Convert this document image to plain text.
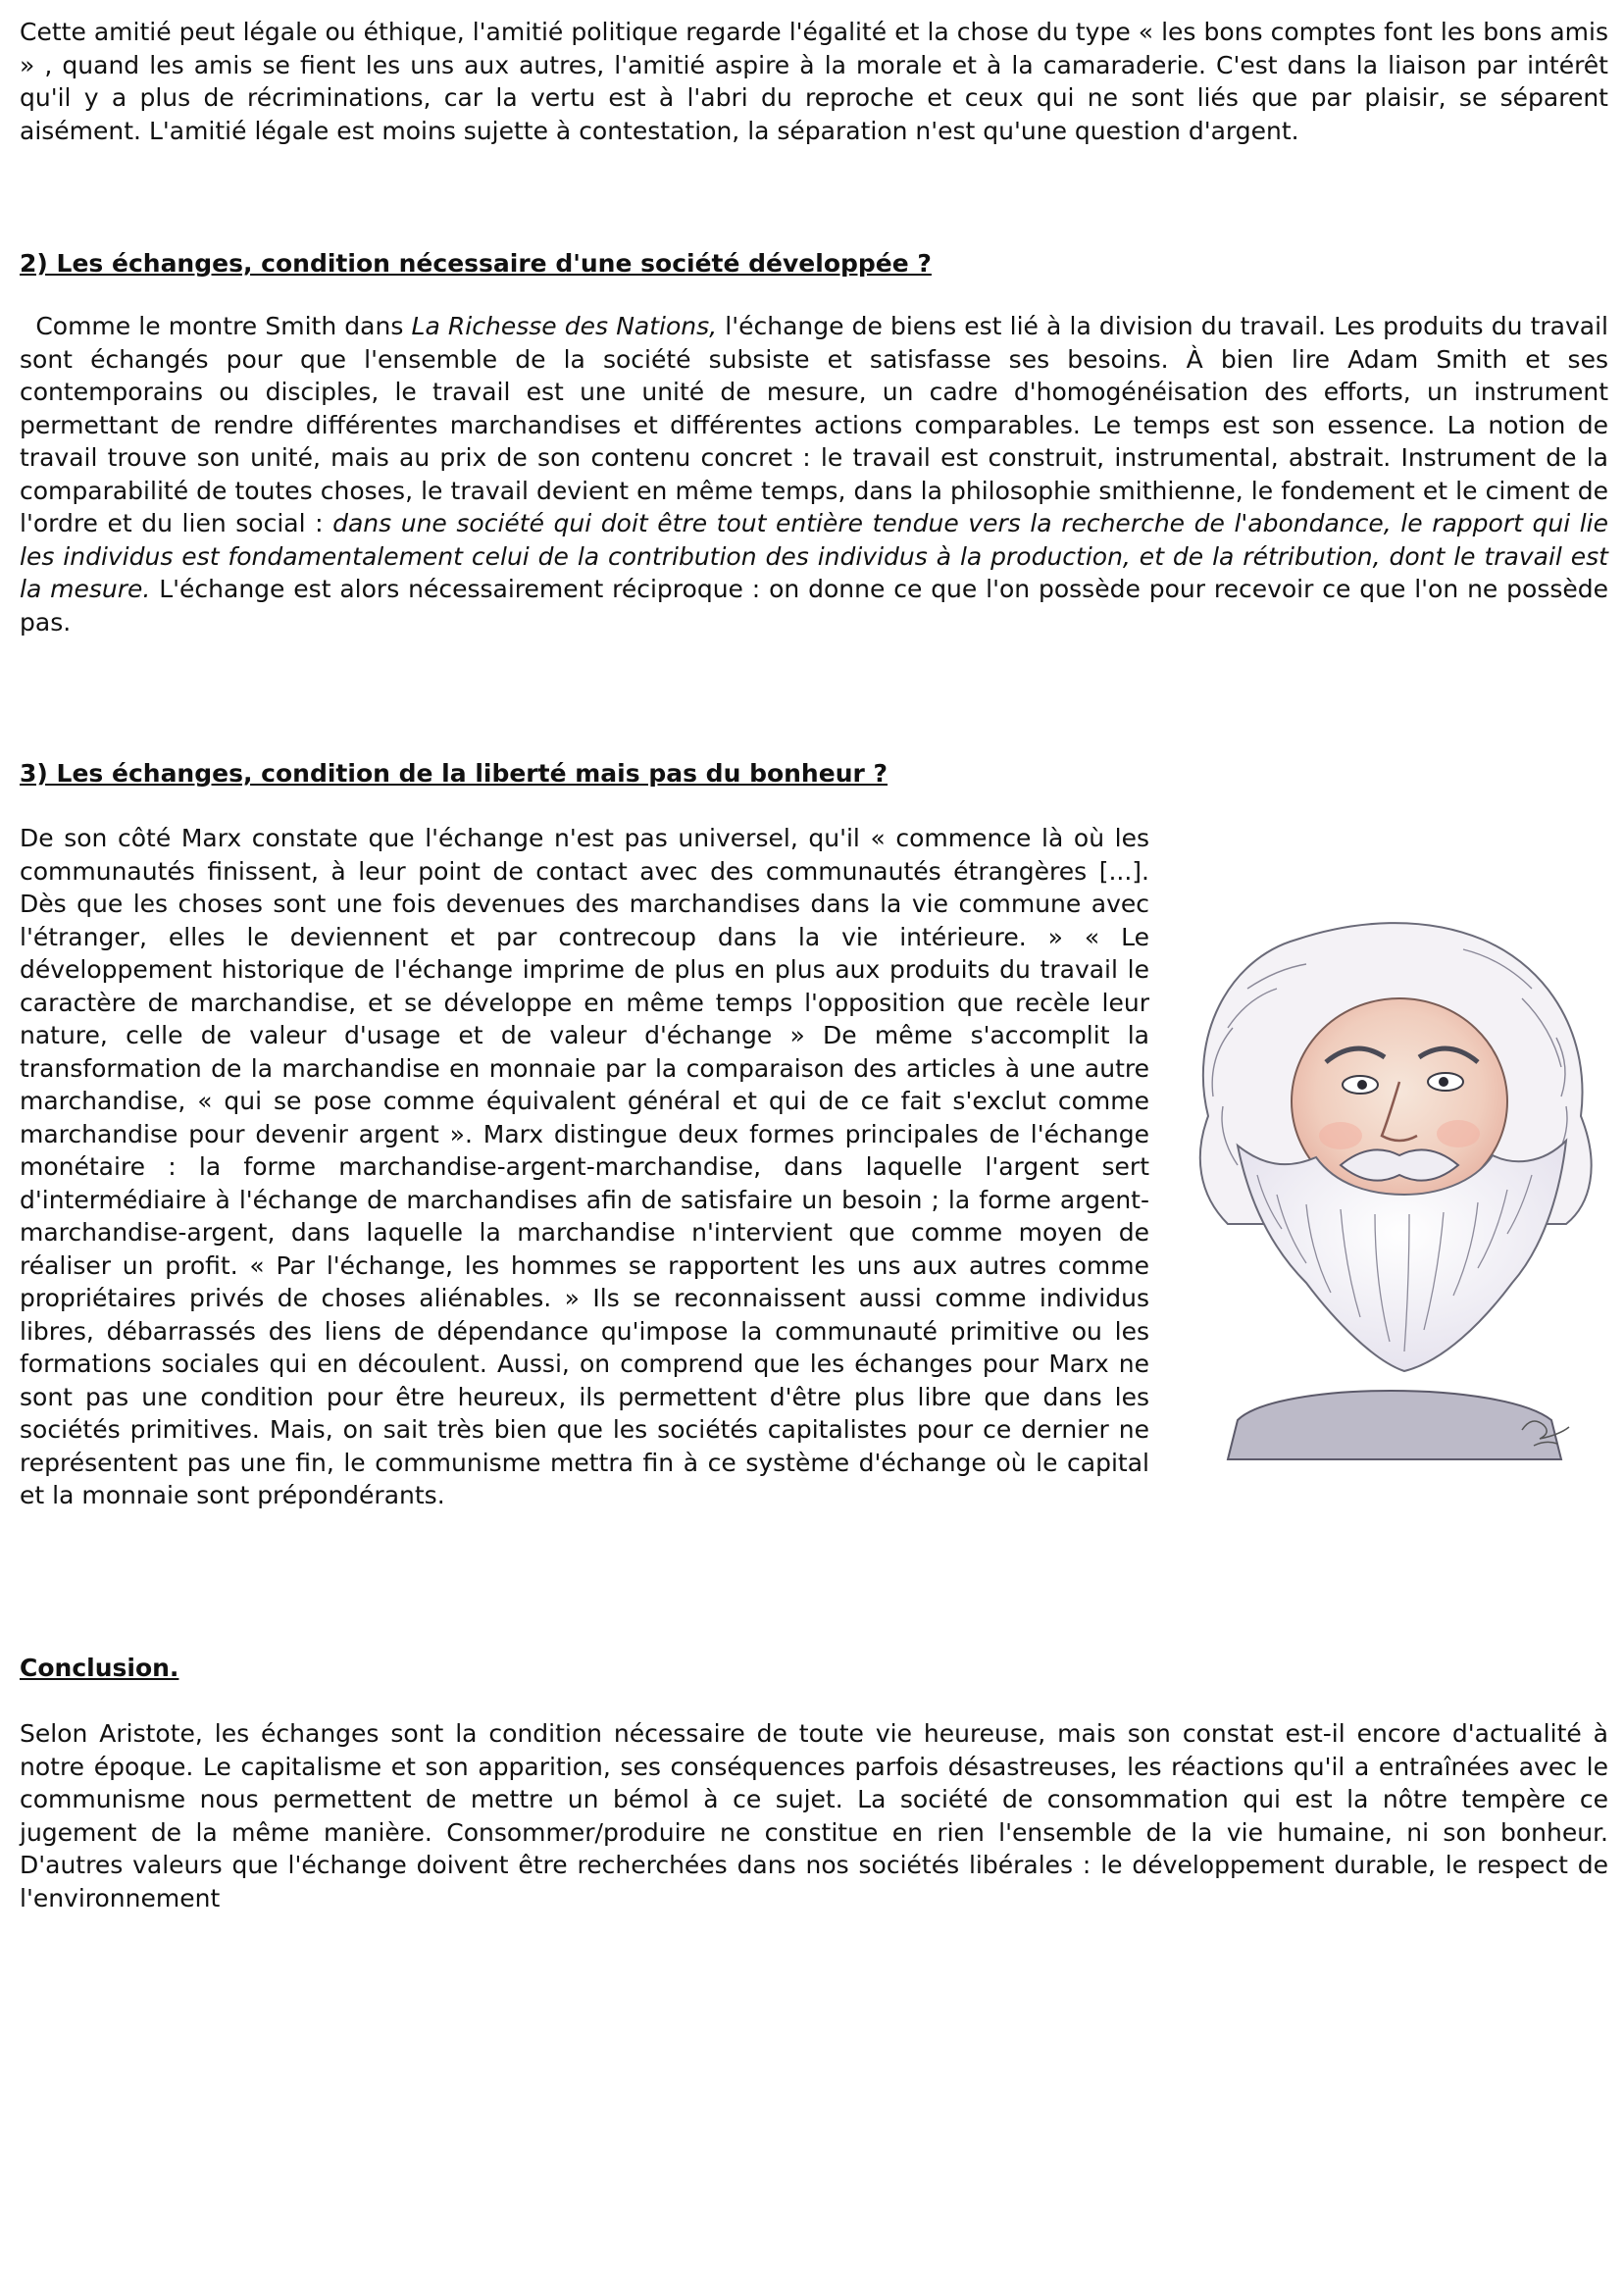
Cette amitié peut légale ou éthique, l'amitié politique regarde l'égalité et la chose du type « les bons comptes font les bons amis » , quand les amis se fient les uns aux autres, l'amitié aspire à la morale et à la camaraderie. C'est dans la liaison par intérêt qu'il y a plus de récriminations, car la vertu est à l'abri du reproche et ceux qui ne sont liés que par plaisir, se séparent aisément. L'amitié légale est moins sujette à contestation, la séparation n'est qu'une question d'argent.

2) Les échanges, condition nécessaire d'une société développée ?

Comme le montre Smith dans La Richesse des Nations, l'échange de biens est lié à la division du travail. Les produits du travail sont échangés pour que l'ensemble de la société subsiste et satisfasse ses besoins. À bien lire Adam Smith et ses contemporains ou disciples, le travail est une unité de mesure, un cadre d'homogénéisation des efforts, un instrument permettant de rendre différentes marchandises et différentes actions comparables. Le temps est son essence. La notion de travail trouve son unité, mais au prix de son contenu concret : le travail est construit, instrumental, abstrait. Instrument de la comparabilité de toutes choses, le travail devient en même temps, dans la philosophie smithienne, le fondement et le ciment de l'ordre et du lien social : dans une société qui doit être tout entière tendue vers la recherche de l'abondance, le rapport qui lie les individus est fondamentalement celui de la contribution des individus à la production, et de la rétribution, dont le travail est la mesure. L'échange est alors nécessairement réciproque : on donne ce que l'on possède pour recevoir ce que l'on ne possède pas.

3) Les échanges, condition de la liberté mais pas du bonheur ?

De son côté Marx constate que l'échange n'est pas universel, qu'il « commence là où les communautés finissent, à leur point de contact avec des communautés étrangères [...]. Dès que les choses sont une fois devenues des marchandises dans la vie commune avec l'étranger, elles le deviennent et par contrecoup dans la vie intérieure. » « Le développement historique de l'échange imprime de plus en plus aux produits du travail le caractère de marchandise, et se développe en même temps l'opposition que recèle leur nature, celle de valeur d'usage et de valeur d'échange » De même s'accomplit la transformation de la marchandise en monnaie par la comparaison des articles à une autre marchandise, « qui se pose comme équivalent général et qui de ce fait s'exclut comme marchandise pour devenir argent ». Marx distingue deux formes principales de l'échange monétaire : la forme marchandise-argent-marchandise, dans laquelle l'argent sert d'intermédiaire à l'échange de marchandises afin de satisfaire un besoin ; la forme argent-marchandise-argent, dans laquelle la marchandise n'intervient que comme moyen de réaliser un profit. « Par l'échange, les hommes se rapportent les uns aux autres comme propriétaires privés de choses aliénables. » Ils se reconnaissent aussi comme individus libres, débarrassés des liens de dépendance qu'impose la communauté primitive ou les formations sociales qui en découlent. Aussi, on comprend que les échanges pour Marx ne sont pas une condition pour être heureux, ils permettent d'être plus libre que dans les sociétés primitives. Mais, on sait très bien que les sociétés capitalistes pour ce dernier ne représentent pas une fin, le communisme mettra fin à ce système d'échange où le capital et la monnaie sont prépondérants.

Conclusion.

Selon Aristote, les échanges sont la condition nécessaire de toute vie heureuse, mais son constat est-il encore d'actualité à notre époque. Le capitalisme et son apparition, ses conséquences parfois désastreuses, les réactions qu'il a entraînées avec le communisme nous permettent de mettre un bémol à ce sujet. La société de consommation qui est la nôtre tempère ce jugement de la même manière. Consommer/produire ne constitue en rien l'ensemble de la vie humaine, ni son bonheur. D'autres valeurs que l'échange doivent être recherchées dans nos sociétés libérales : le développement durable, le respect de l'environnement
